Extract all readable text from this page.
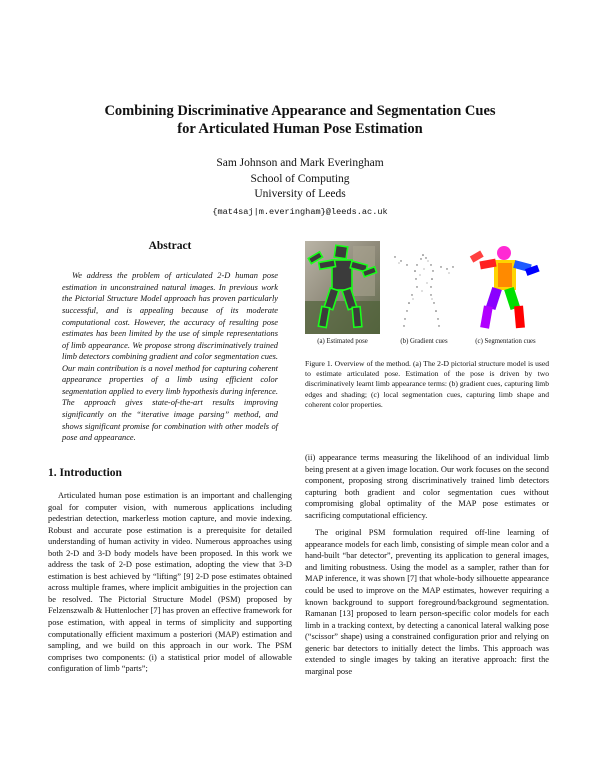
Combining Discriminative Appearance and Segmentation Cues
for Articulated Human Pose Estimation
Sam Johnson and Mark Everingham
School of Computing
University of Leeds
{mat4saj|m.everingham}@leeds.ac.uk
Abstract

We address the problem of articulated 2-D human pose estimation in unconstrained natural images. In previous work the Pictorial Structure Model approach has proven particularly successful, and is appealing because of its moderate computational cost. However, the accuracy of resulting pose estimates has been limited by the use of simple representations of limb appearance. We propose strong discriminatively trained limb detectors combining gradient and color segmentation cues. Our main contribution is a novel method for capturing coherent appearance properties of a limb using efficient color segmentation applied to every limb hypothesis during inference. The approach gives state-of-the-art results improving significantly on the “iterative image parsing” method, and shows significant promise for combination with other models of pose and appearance.

1. Introduction

Articulated human pose estimation is an important and challenging goal for computer vision, with numerous applications including pedestrian detection, markerless motion capture, and movie indexing. Robust and accurate pose estimation is a prerequisite for detailed understanding of human activity in video. Numerous approaches using both 2-D and 3-D body models have been proposed. In this work we address the task of 2-D pose estimation, adopting the view that 3-D estimation is best achieved by “lifting” [9] 2-D pose estimates obtained across multiple frames, where implicit ambiguities in the projection can be resolved. The Pictorial Structure Model (PSM) proposed by Felzenszwalb & Huttenlocher [7] has proven an effective framework for pose estimation, with appeal in terms of simplicity and supporting computationally efficient maximum a posteriori (MAP) estimation and sampling, and we build on this approach in our work. The PSM comprises two components: (i) a statistical prior model of allowable configuration of limb “parts”;

(a) Estimated pose	(b) Gradient cues	(c) Segmentation cues

Figure 1. Overview of the method. (a) The 2-D pictorial structure model is used to estimate articulated pose. Estimation of the pose is driven by two discriminatively learnt limb appearance terms: (b) gradient cues, capturing limb edges and shading; (c) local segmentation cues, capturing limb shape and coherent color properties.

(ii) appearance terms measuring the likelihood of an individual limb being present at a given image location. Our work focuses on the second component, proposing strong discriminatively trained limb detectors capturing both gradient and color segmentation cues without compromising global optimality of the MAP pose estimates or sacrificing computational efficiency.

The original PSM formulation required off-line learning of appearance models for each limb, consisting of simple mean color and a hand-built “bar detector”, preventing its application to general images, and limiting robustness. Using the model as a sampler, rather than for MAP inference, it was shown [7] that whole-body silhouette appearance could be used to improve on the MAP estimates, however requiring a known background to support foreground/background segmentation. Ramanan [13] proposed to learn person-specific color models for each limb in a tracking context, by detecting a canonical lateral walking pose (“scissor” shape) using a constrained configuration prior and relying on generic bar detectors to initially detect the limbs. This approach was extended to single images by taking an iterative approach: first the marginal pose
